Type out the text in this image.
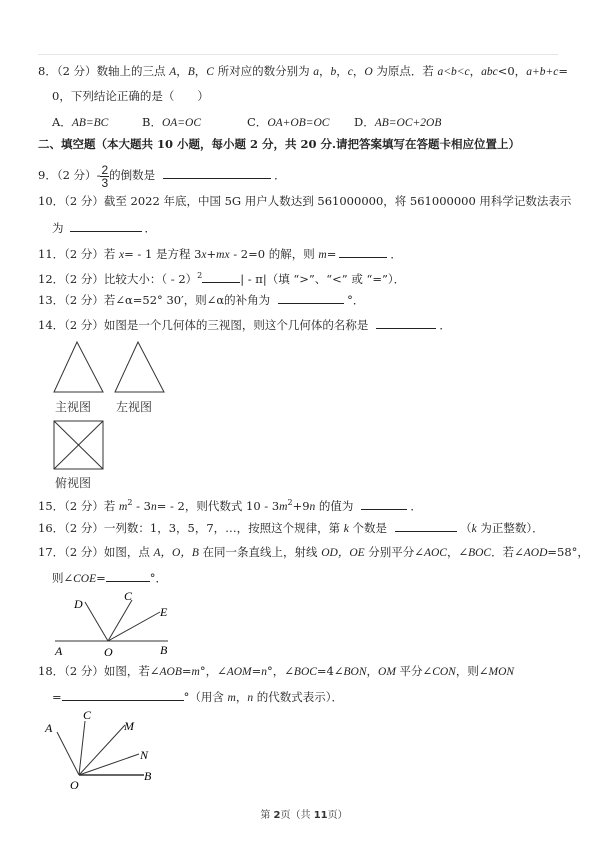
8．（2 分）数轴上的三点 A，B，C 所对应的数分别为 a，b，c，O 为原点．若 a<b<c，abc<0，a+b+c=
0，下列结论正确的是（　　）
A．AB=BC	B．OA=OC	C．OA+OB=OC D．AB=OC+2OB
二、填空题（本大题共 10 小题，每小题 2 分，共 20 分.请把答案填写在答题卡相应位置上）
9．（2 分）- $\frac{2}{3}$ 的倒数是	．
10．（2 分）截至 2022 年底，中国 5G 用户人数达到 561000000，将 561000000 用科学记数法表示
为	．
11．（2 分）若 x= - 1 是方程 3x+mx - 2=0 的解，则 m=	．
12．（2 分）比较大小：（ - 2）$^2$	| - π|（填 “>”、“<” 或 “=”）．
13．（2 分）若∠α=52° 30′，则∠α的补角为	°．
14．（2 分）如图是一个几何体的三视图，则这个几何体的名称是	．
主视图 左视图
俯视图
15．（2 分）若 $m^2 - 3n= - 2$，则代数式 $10 - 3m^2+9n$ 的值为	．
16．（2 分）一列数：1，3，5，7，…，按照这个规律，第 k 个数是	（k 为正整数）．
17．（2 分）如图，点 A，O，B 在同一条直线上，射线 OD，OE 分别平分∠AOC，∠BOC．若∠AOD=58°，
则∠COE=	°．
A	O	B
D
C
E
18．（2 分）如图，若∠AOB=m°，∠AOM=n°，∠BOC=4∠BON，OM 平分∠CON，则∠MON
=	°（用含 m，n 的代数式表示）．
A
C
M
N
O
B
第 2页（共 11页）
